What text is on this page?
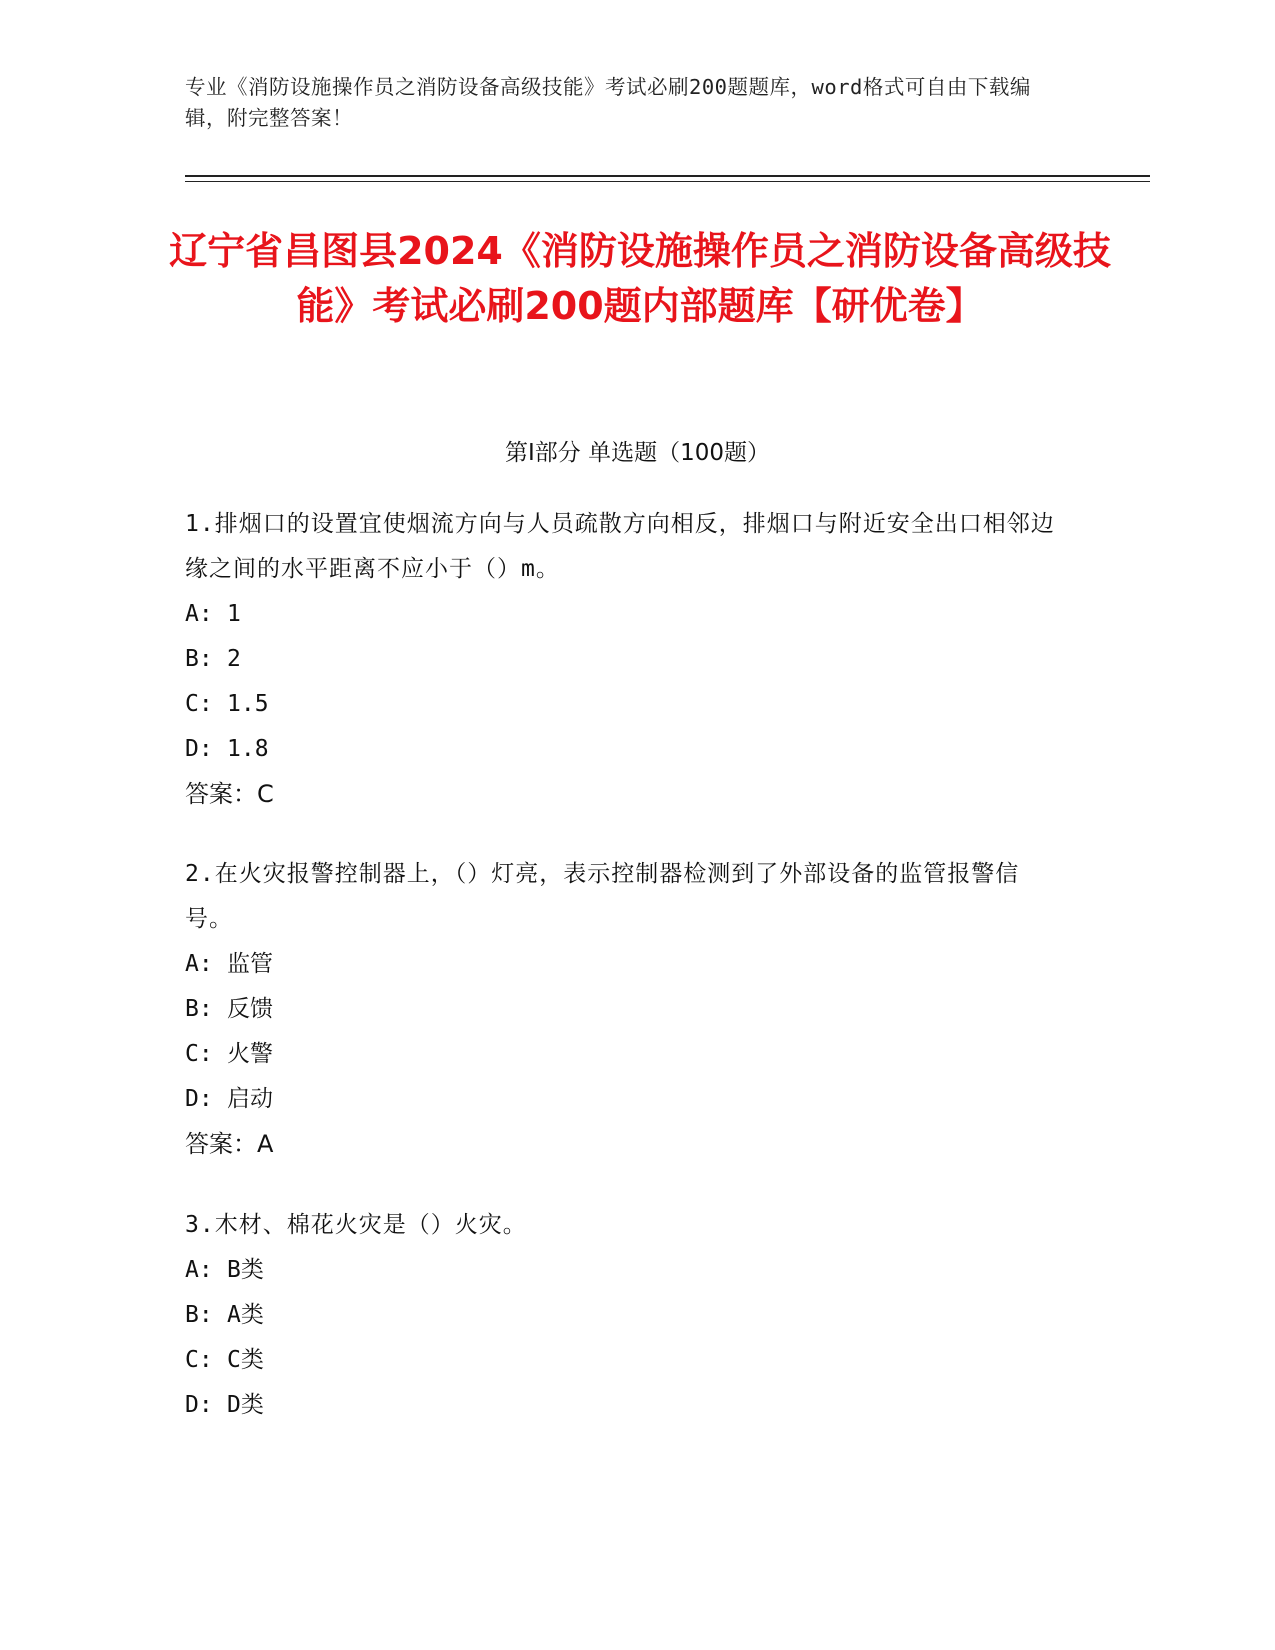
专业《消防设施操作员之消防设备高级技能》考试必刷200题题库，word格式可自由下载编辑，附完整答案！
辽宁省昌图县2024《消防设施操作员之消防设备高级技能》考试必刷200题内部题库【研优卷】
第I部分 单选题（100题）
1.排烟口的设置宜使烟流方向与人员疏散方向相反，排烟口与附近安全出口相邻边缘之间的水平距离不应小于（）m。
A: 1
B: 2
C: 1.5
D: 1.8
答案：C
2.在火灾报警控制器上，（）灯亮，表示控制器检测到了外部设备的监管报警信号。
A: 监管
B: 反馈
C: 火警
D: 启动
答案：A
3.木材、棉花火灾是（）火灾。
A: B类
B: A类
C: C类
D: D类
